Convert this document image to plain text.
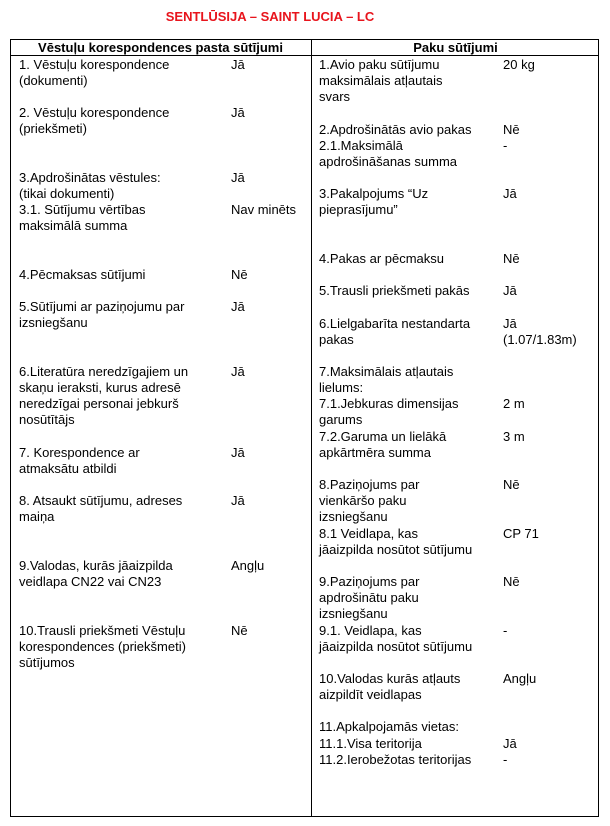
SENTLŪSIJA – SAINT LUCIA – LC
Vēstuļu korespondences pasta sūtījumi	Paku sūtījumi
1. Vēstuļu korespondence
(dokumenti)
Jā
2. Vēstuļu korespondence
(priekšmeti)
Jā
3.Apdrošinātas vēstules:
(tikai dokumenti)
Jā
3.1. Sūtījumu vērtības
maksimālā summa
Nav minēts
4.Pēcmaksas sūtījumi	Nē
5.Sūtījumi ar paziņojumu par
izsniegšanu
Jā
6.Literatūra neredzīgajiem un
skaņu ieraksti, kurus adresē
neredzīgai personai jebkurš
nosūtītājs
Jā
7. Korespondence ar
atmaksātu atbildi
Jā
8. Atsaukt sūtījumu, adreses
maiņa
Jā
9.Valodas, kurās jāaizpilda
veidlapa CN22 vai CN23
Angļu
10.Trausli priekšmeti Vēstuļu
korespondences (priekšmeti)
sūtījumos
Nē
1.Avio paku sūtījumu
maksimālais atļautais
svars
20 kg
2.Apdrošinātās avio pakas	Nē
2.1.Maksimālā
apdrošināšanas summa
-
3.Pakalpojums “Uz
pieprasījumu”
Jā
4.Pakas ar pēcmaksu	Nē
5.Trausli priekšmeti pakās	Jā
6.Lielgabarīta nestandarta
pakas
Jā
(1.07/1.83m)
7.Maksimālais atļautais
lielums:
7.1.Jebkuras dimensijas
garums
2 m
7.2.Garuma un lielākā
apkārtmēra summa
3 m
8.Paziņojums par
vienkāršo paku
izsniegšanu
Nē
8.1 Veidlapa, kas
jāaizpilda nosūtot sūtījumu
CP 71
9.Paziņojums par
apdrošinātu paku
izsniegšanu
Nē
9.1. Veidlapa, kas
jāaizpilda nosūtot sūtījumu
-
10.Valodas kurās atļauts
aizpildīt veidlapas
Angļu
11.Apkalpojamās vietas:
11.1.Visa teritorija	Jā
11.2.Ierobežotas teritorijas	-
